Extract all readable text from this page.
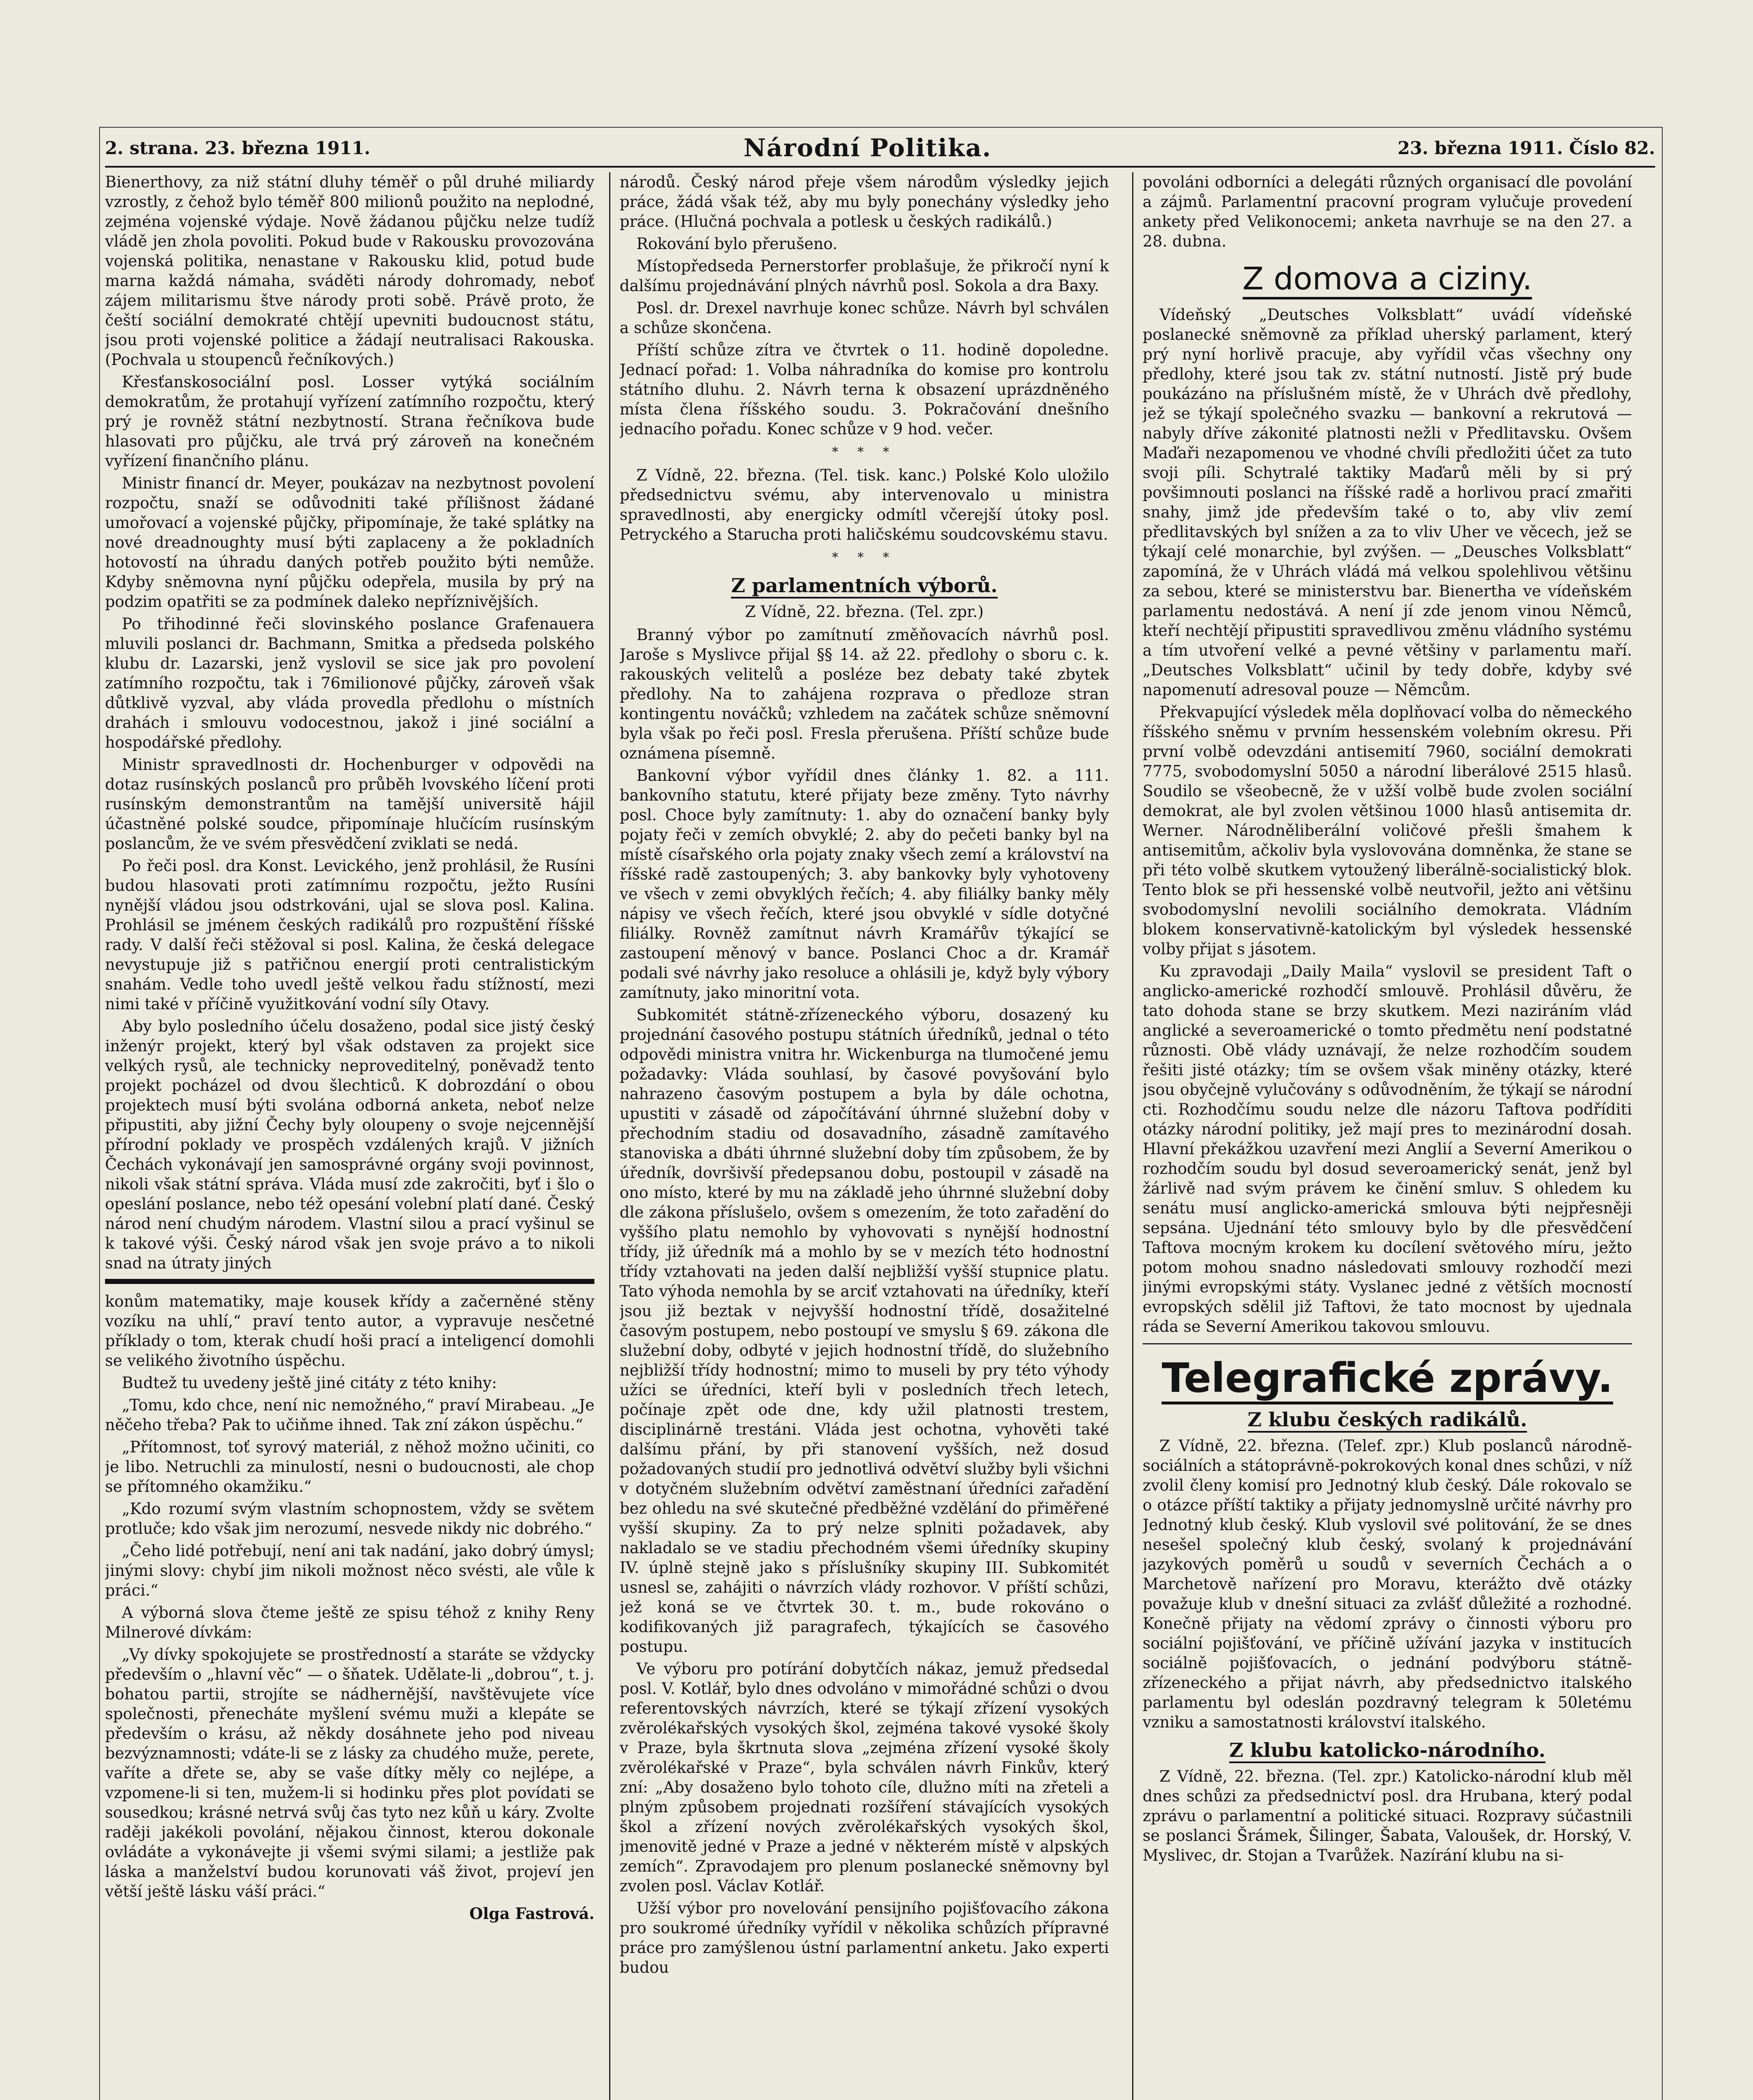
2. strana. 23. března 1911.	Národní Politika.	23. března 1911. Číslo 82.

Bienerthovy, za niž státní dluhy téměř o půl druhé miliardy vzrostly, z čehož bylo téměř 800 milionů použito na neplodné, zejména vojenské výdaje. Nově žádanou půjčku nelze tudíž vládě jen zhola povoliti. Pokud bude v Rakousku provozována vojenská politika, nenastane v Rakousku klid, potud bude marna každá námaha, sváděti národy dohromady, neboť zájem militarismu štve národy proti sobě. Právě proto, že čeští sociální demokraté chtějí upevniti budoucnost státu, jsou proti vojenské politice a žádají neutralisaci Rakouska. (Pochvala u stoupenců řečníkových.)

Křesťanskosociální posl. Losser vytýká sociálním demokratům, že protahují vyřízení zatímního rozpočtu, který prý je rovněž státní nezbytností. Strana řečníkova bude hlasovati pro půjčku, ale trvá prý zároveň na konečném vyřízení finančního plánu.

Ministr financí dr. Meyer, poukázav na nezbytnost povolení rozpočtu, snaží se odůvodniti také přílišnost žádané umořovací a vojenské půjčky, připomínaje, že také splátky na nové dreadnoughty musí býti zaplaceny a že pokladních hotovostí na úhradu daných potřeb použito býti nemůže. Kdyby sněmovna nyní půjčku odepřela, musila by prý na podzim opatřiti se za podmínek daleko nepříznivějších.

Po třihodinné řeči slovinského poslance Grafenauera mluvili poslanci dr. Bachmann, Smitka a předseda polského klubu dr. Lazarski, jenž vyslovil se sice jak pro povolení zatímního rozpočtu, tak i 76milionové půjčky, zároveň však důtklivě vyzval, aby vláda provedla předlohu o místních drahách i smlouvu vodocestnou, jakož i jiné sociální a hospodářské předlohy.

Ministr spravedlnosti dr. Hochenburger v odpovědi na dotaz rusínských poslanců pro průběh lvovského líčení proti rusínským demonstrantům na tamější universitě hájil účastněné polské soudce, připomínaje hlučícím rusínským poslancům, že ve svém přesvědčení zviklati se nedá.

Po řeči posl. dra Konst. Levického, jenž prohlásil, že Rusíni budou hlasovati proti zatímnímu rozpočtu, ježto Rusíni nynější vládou jsou odstrkováni, ujal se slova posl. Kalina. Prohlásil se jménem českých radikálů pro rozpuštění říšské rady. V další řeči stěžoval si posl. Kalina, že česká delegace nevystupuje již s patřičnou energií proti centralistickým snahám. Vedle toho uvedl ještě velkou řadu stížností, mezi nimi také v příčině využitkování vodní síly Otavy.

Aby bylo posledního účelu dosaženo, podal sice jistý český inženýr projekt, který byl však odstaven za projekt sice velkých rysů, ale technicky neproveditelný, poněvadž tento projekt pocházel od dvou šlechticů. K dobrozdání o obou projektech musí býti svolána odborná anketa, neboť nelze připustiti, aby jižní Čechy byly oloupeny o svoje nejcennější přírodní poklady ve prospěch vzdálených krajů. V jižních Čechách vykonávají jen samosprávné orgány svoji povinnost, nikoli však státní správa. Vláda musí zde zakročiti, byť i šlo o opeslání poslance, nebo též opesání volební platí dané. Český národ není chudým národem. Vlastní silou a prací vyšinul se k takové výši. Český národ však jen svoje právo a to nikoli snad na útraty jiných

konům matematiky, maje kousek křídy a začerněné stěny vozíku na uhlí,“ praví tento autor, a vypravuje nesčetné příklady o tom, kterak chudí hoši prací a inteligencí domohli se velikého životního úspěchu.

Budtež tu uvedeny ještě jiné citáty z této knihy:

„Tomu, kdo chce, není nic nemožného,“ praví Mirabeau. „Je něčeho třeba? Pak to učiňme ihned. Tak zní zákon úspěchu.“

„Přítomnost, toť syrový materiál, z něhož možno učiniti, co je libo. Netruchli za minulostí, nesni o budoucnosti, ale chop se přítomného okamžiku.“

„Kdo rozumí svým vlastním schopnostem, vždy se světem protluče; kdo však jim nerozumí, nesvede nikdy nic dobrého.“

„Čeho lidé potřebují, není ani tak nadání, jako dobrý úmysl; jinými slovy: chybí jim nikoli možnost něco svésti, ale vůle k práci.“

A výborná slova čteme ještě ze spisu téhož z knihy Reny Milnerové dívkám:

„Vy dívky spokojujete se prostředností a staráte se vždycky především o „hlavní věc“ — o šňatek. Udělate-li „dobrou“, t. j. bohatou partii, strojíte se nádhernější, navštěvujete více společnosti, přenecháte myšlení svému muži a klepáte se především o krásu, až někdy dosáhnete jeho pod niveau bezvýznamnosti; vdáte-li se z lásky za chudého muže, perete, vaříte a dřete se, aby se vaše dítky měly co nejlépe, a vzpomene-li si ten, mužem-li si hodinku přes plot povídati se sousedkou; krásné netrvá svůj čas tyto nez kůň u káry. Zvolte raději jakékoli povolání, nějakou činnost, kterou dokonale ovládáte a vykonávejte ji všemi svými silami; a jestliže pak láska a manželství budou korunovati váš život, projeví jen větší ještě lásku váší práci.“

Olga Fastrová.

národů. Český národ přeje všem národům výsledky jejich práce, žádá však též, aby mu byly ponechány výsledky jeho práce. (Hlučná pochvala a potlesk u českých radikálů.)

Rokování bylo přerušeno.

Místopředseda Pernerstorfer problašuje, že přikročí nyní k dalšímu projednávání plných návrhů posl. Sokola a dra Baxy.

Posl. dr. Drexel navrhuje konec schůze. Návrh byl schválen a schůze skončena.

Příští schůze zítra ve čtvrtek o 11. hodině dopoledne. Jednací pořad: 1. Volba náhradníka do komise pro kontrolu státního dluhu. 2. Návrh terna k obsazení uprázdněného místa člena říšského soudu. 3. Pokračování dnešního jednacího pořadu. Konec schůze v 9 hod. večer.

* * *

Z Vídně, 22. března. (Tel. tisk. kanc.) Polské Kolo uložilo předsednictvu svému, aby intervenovalo u ministra spravedlnosti, aby energicky odmítl včerejší útoky posl. Petryckého a Staruchа proti haličskému soudcovskému stavu.

* * *
Z parlamentních výborů.
Z Vídně, 22. března. (Tel. zpr.)

Branný výbor po zamítnutí změňovacích návrhů posl. Jaroše s Myslivce přijal §§ 14. až 22. předlohy o sboru c. k. rakouských velitelů a posléze bez debaty také zbytek předlohy. Na to zahájena rozprava o předloze stran kontingentu nováčků; vzhledem na začátek schůze sněmovní byla však po řeči posl. Fresla přerušena. Příští schůze bude oznámena písemně.

Bankovní výbor vyřídil dnes články 1. 82. a 111. bankovního statutu, které přijaty beze změny. Tyto návrhy posl. Choce byly zamítnuty: 1. aby do označení banky byly pojaty řeči v zemích obvyklé; 2. aby do pečeti banky byl na místě císařského orla pojaty znaky všech zemí a království na říšské radě zastoupených; 3. aby bankovky byly vyhotoveny ve všech v zemi obvyklých řečích; 4. aby filiálky banky měly nápisy ve všech řečích, které jsou obvyklé v sídle dotyčné filiálky. Rovněž zamítnut návrh Kramářův týkající se zastoupení měnový v bance. Poslanci Choc a dr. Kramář podali své návrhy jako resoluce a ohlásili je, když byly výbory zamítnuty, jako minoritní vota.

Subkomitét státně-zřízeneckého výboru, dosazený ku projednání časového postupu státních úředníků, jednal o této odpovědi ministra vnitra hr. Wickenburga na tlumočené jemu požadavky: Vláda souhlasí, by časové povyšování bylo nahrazeno časovým postupem a byla by dále ochotna, upustiti v zásadě od zápočítávání úhrnné služební doby v přechodním stadiu od dosavadního, zásadně zamítavého stanoviska a dbáti úhrnné služební doby tím způsobem, že by úředník, dovršivší předepsanou dobu, postoupil v zásadě na ono místo, které by mu na základě jeho úhrnné služební doby dle zákona příslušelo, ovšem s omezením, že toto zařadění do vyššího platu nemohlo by vyhovovati s nynější hodnostní třídy, již úředník má a mohlo by se v mezích této hodnostní třídy vztahovati na jeden další nejbližší vyšší stupnice platu. Tato výhoda nemohla by se arciť vztahovati na úředníky, kteří jsou již beztak v nejvyšší hodnostní třídě, dosažitelné časovým postupem, nebo postoupí ve smyslu § 69. zákona dle služební doby, odbyté v jejich hodnostní třídě, do služebního nejbližší třídy hodnostní; mimo to museli by pry této výhody užíci se úředníci, kteří byli v posledních třech letech, počínaje zpět ode dne, kdy užil platnosti trestem, disciplinárně trestáni. Vláda jest ochotna, vyhověti také dalšímu přání, by při stanovení vyšších, než dosud požadovaných studií pro jednotlivá odvětví služby byli všichni v dotyčném služebním odvětví zaměstnaní úředníci zařadění bez ohledu na své skutečné předběžné vzdělání do přiměřené vyšší skupiny. Za to prý nelze splniti požadavek, aby nakladalo se ve stadiu přechodném všemi úředníky skupiny IV. úplně stejně jako s příslušníky skupiny III. Subkomitét usnesl se, zahájiti o návrzích vlády rozhovor. V příští schůzi, jež koná se ve čtvrtek 30. t. m., bude rokováno o kodifikovaných již paragrafech, týkajících se časového postupu.

Ve výboru pro potírání dobytčích nákaz, jemuž předsedal posl. V. Kotlář, bylo dnes odvoláno v mimořádné schůzi o dvou referentovských návrzích, které se týkají zřízení vysokých zvěrolékařských vysokých škol, zejména takové vysoké školy v Praze, byla škrtnuta slova „zejména zřízení vysoké školy zvěrolékařské v Praze“, byla schválen návrh Finkův, který zní: „Aby dosaženo bylo tohoto cíle, dlužno míti na zřeteli a plným způsobem projednati rozšíření stávajících vysokých škol a zřízení nových zvěrolékařských vysokých škol, jmenovitě jedné v Praze a jedné v některém místě v alpských zemích“. Zpravodajem pro plenum poslanecké sněmovny byl zvolen posl. Václav Kotlář.

Užší výbor pro novelování pensijního pojišťovacího zákona pro soukromé úředníky vyřídil v několika schůzích přípravné práce pro zamýšlenou ústní parlamentní anketu. Jako experti budou

povoláni odborníci a delegáti různých organisací dle povolání a zájmů. Parlamentní pracovní program vylučuje provedení ankety před Velikonocemi; anketa navrhuje se na den 27. a 28. dubna.

Z domova a ciziny.

Vídeňský „Deutsches Volksblatt“ uvádí vídeňské poslanecké sněmovně za příklad uherský parlament, který prý nyní horlivě pracuje, aby vyřídil včas všechny ony předlohy, které jsou tak zv. státní nutností. Jistě prý bude poukázáno na příslušném místě, že v Uhrách dvě předlohy, jež se týkají společného svazku — bankovní a rekrutová — nabyly dříve zákonité platnosti nežli v Předlitavsku. Ovšem Maďaři nezapomenou ve vhodné chvíli předložiti účet za tuto svoji píli. Schytralé taktiky Maďarů měli by si prý povšimnouti poslanci na říšské radě a horlivou prací zmařiti snahy, jimž jde především také o to, aby vliv zemí předlitavských byl snížen a za to vliv Uher ve věcech, jež se týkají celé monarchie, byl zvýšen. — „Deusches Volksblatt“ zapomíná, že v Uhrách vládá má velkou spolehlivou většinu za sebou, které se ministerstvu bar. Bienertha ve vídeňském parlamentu nedostává. A není jí zde jenom vinou Němců, kteří nechtějí připustiti spravedlivou změnu vládního systému a tím utvoření velké a pevné většiny v parlamentu maří. „Deutsches Volksblatt“ učinil by tedy dobře, kdyby své napomenutí adresoval pouze — Němcům.

Překvapující výsledek měla doplňovací volba do německého říšského sněmu v prvním hessenském volebním okresu. Při první volbě odevzdáni antisemití 7960, sociální demokrati 7775, svobodomyslní 5050 a národní liberálové 2515 hlasů. Soudilo se všeobecně, že v užší volbě bude zvolen sociální demokrat, ale byl zvolen většinou 1000 hlasů antisemita dr. Werner. Národněliberální voličové přešli šmahem k antisemitům, ačkoliv byla vyslovována domněnka, že stane se při této volbě skutkem vytoužený liberálně-socialistický blok. Tento blok se při hessenské volbě neutvořil, ježto ani většinu svobodomyslní nevolili sociálního demokrata. Vládním blokem konservativně-katolickým byl výsledek hessenské volby přijat s jásotem.

Ku zpravodaji „Daily Maila“ vyslovil se president Taft o anglicko-americké rozhodčí smlouvě. Prohlásil důvěru, že tato dohoda stane se brzy skutkem. Mezi naziráním vlád anglické a severoamerické o tomto předmětu není podstatné různosti. Obě vlády uznávají, že nelze rozhodčím soudem řešiti jisté otázky; tím se ovšem však miněny otázky, které jsou obyčejně vylučovány s odůvodněním, že týkají se národní cti. Rozhodčímu soudu nelze dle názoru Taftova podříditi otázky národní politiky, jež mají pres to mezinárodní dosah. Hlavní překážkou uzavření mezi Anglií a Severní Amerikou o rozhodčím soudu byl dosud severoamerický senát, jenž byl žárlivě nad svým právem ke činění smluv. S ohledem ku senátu musí anglicko-americká smlouva býti nejpřesněji sepsána. Ujednání této smlouvy bylo by dle přesvědčení Taftova mocným krokem ku docílení světového míru, ježto potom mohou snadno následovati smlouvy rozhodčí mezi jinými evropskými státy. Vyslanec jedné z větších mocností evropských sdělil již Taftovi, že tato mocnost by ujednala ráda se Severní Amerikou takovou smlouvu.

Telegrafické zprávy.
Z klubu českých radikálů.

Z Vídně, 22. března. (Telef. zpr.) Klub poslanců národně-sociálních a státoprávně-pokrokových konal dnes schůzi, v níž zvolil členy komisí pro Jednotný klub český. Dále rokovalo se o otázce příští taktiky a přijaty jednomyslně určité návrhy pro Jednotný klub český. Klub vyslovil své politování, že se dnes nesešel společný klub český, svolaný k projednávání jazykových poměrů u soudů v severních Čechách a o Marchetově nařízení pro Moravu, kterážto dvě otázky považuje klub v dnešní situaci za zvlášť důležité a rozhodné. Konečně přijaty na vědomí zprávy o činnosti výboru pro sociální pojišťování, ve příčině užívání jazyka v institucích sociálně pojišťovacích, o jednání podvýboru státně-zřízeneckého a přijat návrh, aby předsednictvo italského parlamentu byl odeslán pozdravný telegram k 50letému vzniku a samostatnosti království italského.

Z klubu katolicko-národního.

Z Vídně, 22. března. (Tel. zpr.) Katolicko-národní klub měl dnes schůzi za předsednictví posl. dra Hrubana, který podal zprávu o parlamentní a politické situaci. Rozpravy súčastnili se poslanci Šrámek, Šilinger, Šabata, Valoušek, dr. Horský, V. Myslivec, dr. Stojan a Tvarůžek. Nazírání klubu na si-
